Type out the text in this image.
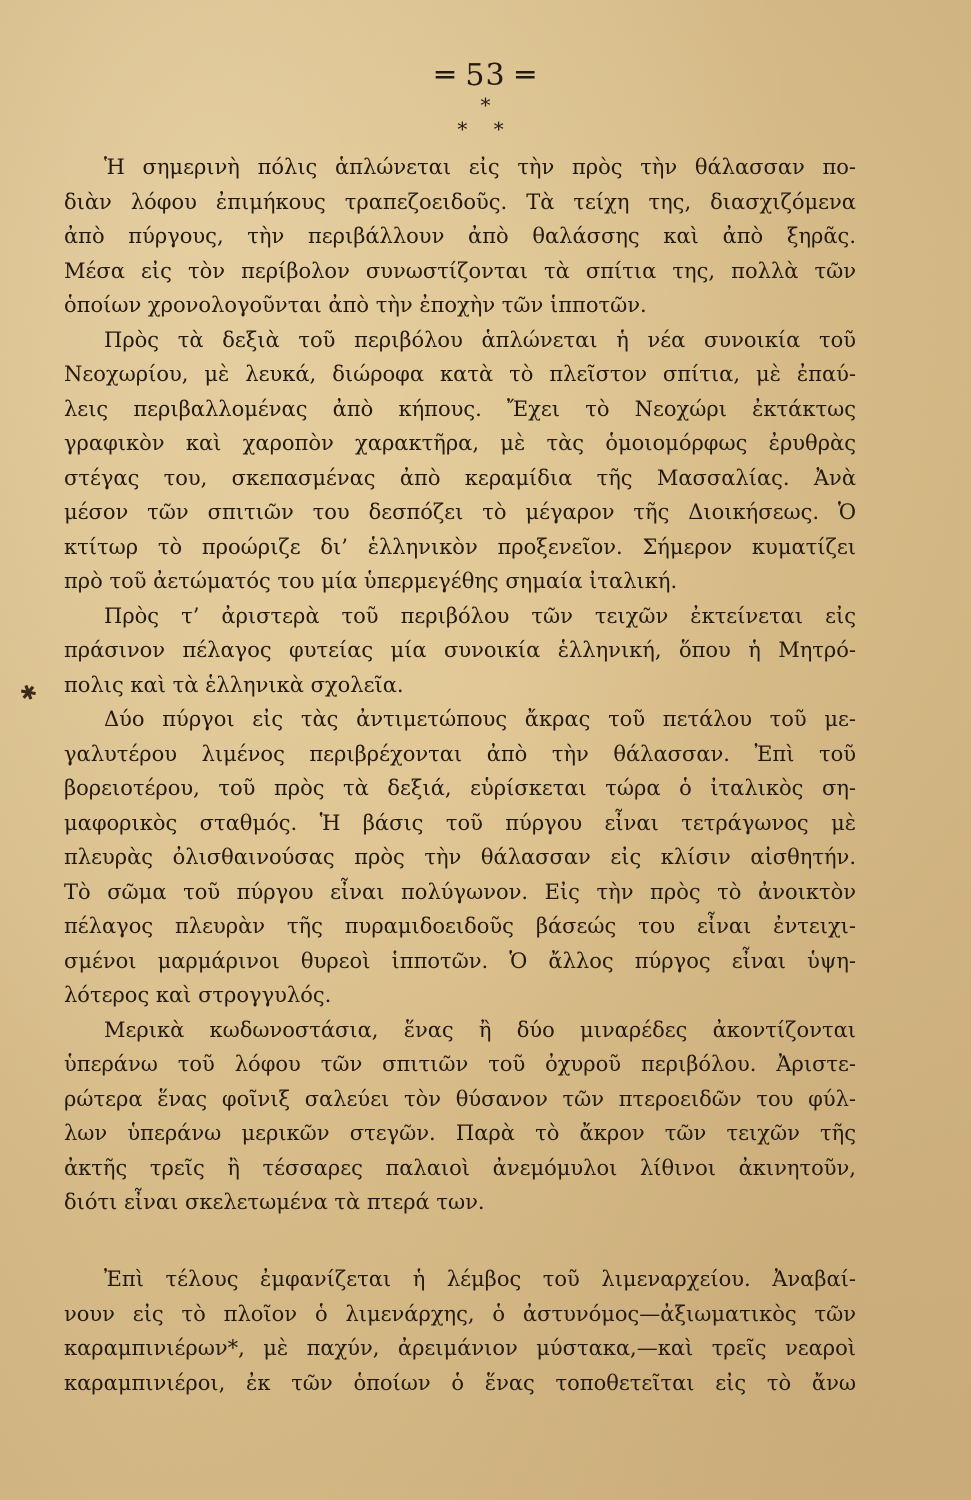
═ 53 ═
*
* *
✱
Ἡ σημερινὴ πόλις ἁπλώνεται εἰς τὴν πρὸς τὴν θάλασσαν πο-
διὰν λόφου ἐπιμήκους τραπεζοειδοῦς. Τὰ τείχη της, διασχιζόμενα
ἀπὸ πύργους, τὴν περιβάλλουν ἀπὸ θαλάσσης καὶ ἀπὸ ξηρᾶς.
Μέσα εἰς τὸν περίβολον συνωστίζονται τὰ σπίτια της, πολλὰ τῶν
ὁποίων χρονολογοῦνται ἀπὸ τὴν ἐποχὴν τῶν ἱπποτῶν.
Πρὸς τὰ δεξιὰ τοῦ περιβόλου ἁπλώνεται ἡ νέα συνοικία τοῦ
Νεοχωρίου, μὲ λευκά, διώροφα κατὰ τὸ πλεῖστον σπίτια, μὲ ἐπαύ-
λεις περιβαλλομένας ἀπὸ κήπους. Ἔχει τὸ Νεοχώρι ἐκτάκτως
γραφικὸν καὶ χαροπὸν χαρακτῆρα, μὲ τὰς ὁμοιομόρφως ἐρυθρὰς
στέγας του, σκεπασμένας ἀπὸ κεραμίδια τῆς Μασσαλίας. Ἀνὰ
μέσον τῶν σπιτιῶν του δεσπόζει τὸ μέγαρον τῆς Διοικήσεως. Ὁ
κτίτωρ τὸ προώριζε δι’ ἑλληνικὸν προξενεῖον. Σήμερον κυματίζει
πρὸ τοῦ ἀετώματός του μία ὑπερμεγέθης σημαία ἰταλική.
Πρὸς τ’ ἀριστερὰ τοῦ περιβόλου τῶν τειχῶν ἐκτείνεται εἰς
πράσινον πέλαγος φυτείας μία συνοικία ἑλληνική, ὅπου ἡ Μητρό-
πολις καὶ τὰ ἑλληνικὰ σχολεῖα.
Δύο πύργοι εἰς τὰς ἀντιμετώπους ἄκρας τοῦ πετάλου τοῦ με-
γαλυτέρου λιμένος περιβρέχονται ἀπὸ τὴν θάλασσαν. Ἐπὶ τοῦ
βορειοτέρου, τοῦ πρὸς τὰ δεξιά, εὑρίσκεται τώρα ὁ ἰταλικὸς ση-
μαφορικὸς σταθμός. Ἡ βάσις τοῦ πύργου εἶναι τετράγωνος μὲ
πλευρὰς ὀλισθαινούσας πρὸς τὴν θάλασσαν εἰς κλίσιν αἰσθητήν.
Τὸ σῶμα τοῦ πύργου εἶναι πολύγωνον. Εἰς τὴν πρὸς τὸ ἀνοικτὸν
πέλαγος πλευρὰν τῆς πυραμιδοειδοῦς βάσεώς του εἶναι ἐντειχι-
σμένοι μαρμάρινοι θυρεοὶ ἱπποτῶν. Ὁ ἄλλος πύργος εἶναι ὑψη-
λότερος καὶ στρογγυλός.
Μερικὰ κωδωνοστάσια, ἕνας ἢ δύο μιναρέδες ἀκοντίζονται
ὑπεράνω τοῦ λόφου τῶν σπιτιῶν τοῦ ὀχυροῦ περιβόλου. Ἀριστε-
ρώτερα ἕνας φοῖνιξ σαλεύει τὸν θύσανον τῶν πτεροειδῶν του φύλ-
λων ὑπεράνω μερικῶν στεγῶν. Παρὰ τὸ ἄκρον τῶν τειχῶν τῆς
ἀκτῆς τρεῖς ἢ τέσσαρες παλαιοὶ ἀνεμόμυλοι λίθινοι ἀκινητοῦν,
διότι εἶναι σκελετωμένα τὰ πτερά των.
Ἐπὶ τέλους ἐμφανίζεται ἡ λέμβος τοῦ λιμεναρχείου. Ἀναβαί-
νουν εἰς τὸ πλοῖον ὁ λιμενάρχης, ὁ ἀστυνόμος—ἀξιωματικὸς τῶν
καραμπινιέρων*, μὲ παχύν, ἀρειμάνιον μύστακα,—καὶ τρεῖς νεαροὶ
καραμπινιέροι, ἐκ τῶν ὁποίων ὁ ἕνας τοποθετεῖται εἰς τὸ ἄνω
